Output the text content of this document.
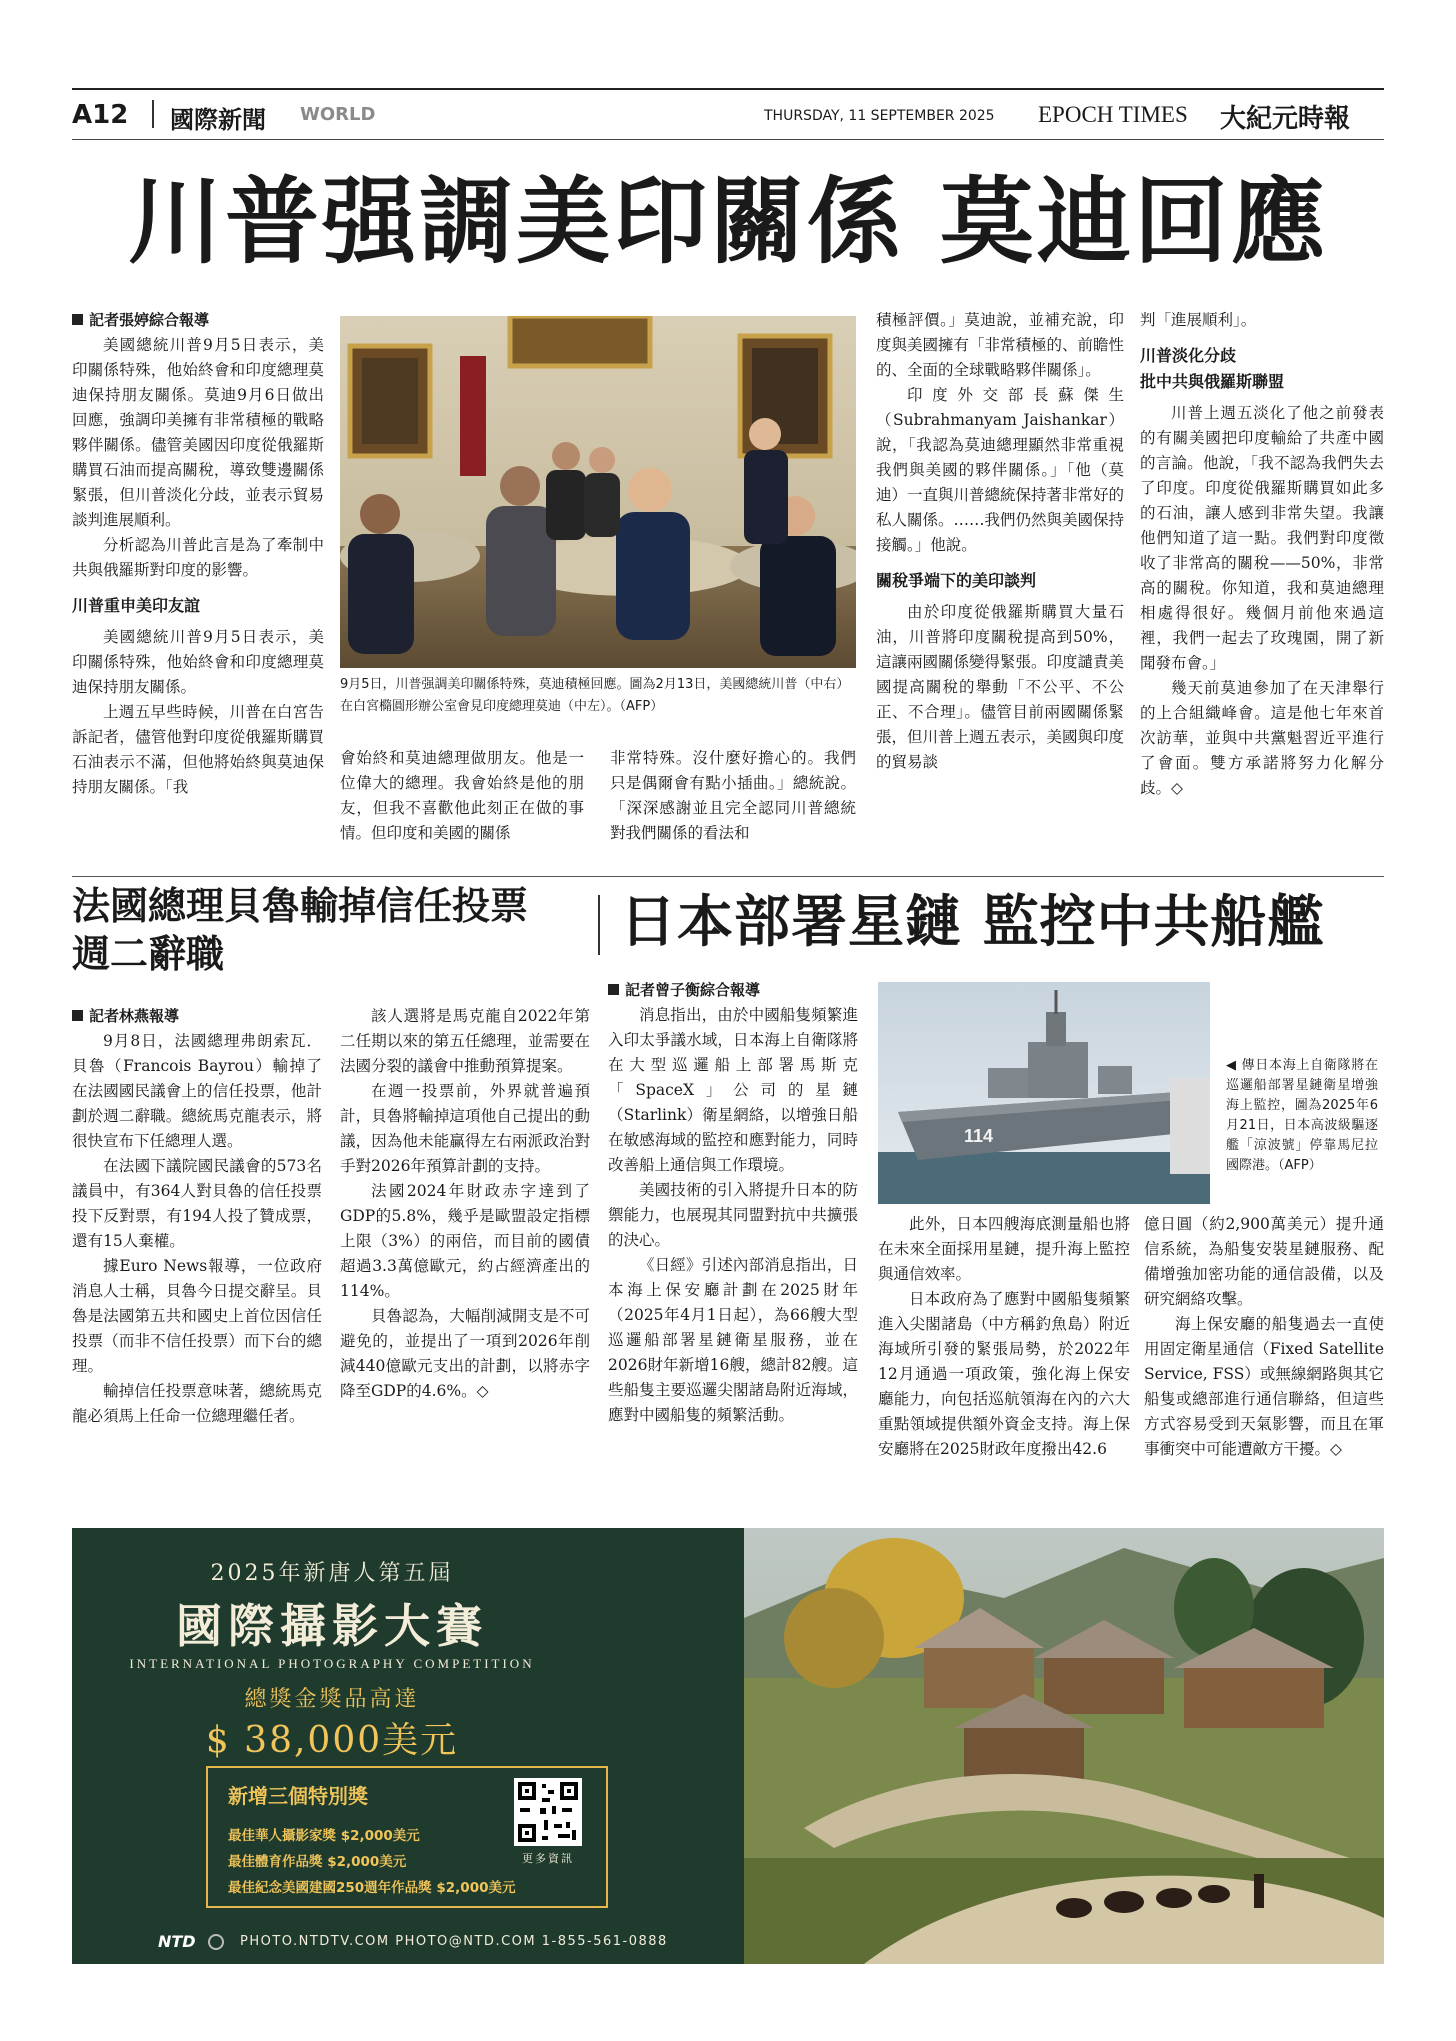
A12 國際新聞 WORLD	THURSDAY, 11 SEPTEMBER 2025 EPOCH TIMES 大紀元時報
川普强調美印關係 莫迪回應

記者張婷綜合報導

美國總統川普9月5日表示，美印關係特殊，他始終會和印度總理莫迪保持朋友關係。莫迪9月6日做出回應，強調印美擁有非常積極的戰略夥伴關係。儘管美國因印度從俄羅斯購買石油而提高關稅，導致雙邊關係緊張，但川普淡化分歧，並表示貿易談判進展順利。

分析認為川普此言是為了牽制中共與俄羅斯對印度的影響。

川普重申美印友誼

美國總統川普9月5日表示，美印關係特殊，他始終會和印度總理莫迪保持朋友關係。

上週五早些時候，川普在白宮告訴記者，儘管他對印度從俄羅斯購買石油表示不滿，但他將始終與莫迪保持朋友關係。「我

9月5日，川普强調美印關係特殊，莫迪積極回應。圖為2月13日，美國總統川普（中右）在白宮橢圓形辦公室會見印度總理莫迪（中左）。（AFP）

會始終和莫迪總理做朋友。他是一位偉大的總理。我會始終是他的朋友，但我不喜歡他此刻正在做的事情。但印度和美國的關係

非常特殊。沒什麼好擔心的。我們只是偶爾會有點小插曲。」總統說。「深深感謝並且完全認同川普總統對我們關係的看法和

積極評價。」莫迪說，並補充說，印度與美國擁有「非常積極的、前瞻性的、全面的全球戰略夥伴關係」。

印度外交部長蘇傑生（Subrahmanyam Jaishankar）說，「我認為莫迪總理顯然非常重視我們與美國的夥伴關係。」「他（莫迪）一直與川普總統保持著非常好的私人關係。……我們仍然與美國保持接觸。」他說。

關稅爭端下的美印談判

由於印度從俄羅斯購買大量石油，川普將印度關稅提高到50%，這讓兩國關係變得緊張。印度譴責美國提高關稅的舉動「不公平、不公正、不合理」。儘管目前兩國關係緊張，但川普上週五表示，美國與印度的貿易談

判「進展順利」。

川普淡化分歧

批中共與俄羅斯聯盟

川普上週五淡化了他之前發表的有關美國把印度輸給了共產中國的言論。他說，「我不認為我們失去了印度。印度從俄羅斯購買如此多的石油，讓人感到非常失望。我讓他們知道了這一點。我們對印度徵收了非常高的關稅——50%，非常高的關稅。你知道，我和莫迪總理相處得很好。幾個月前他來過這裡，我們一起去了玫瑰園，開了新聞發布會。」

幾天前莫迪參加了在天津舉行的上合組織峰會。這是他七年來首次訪華，並與中共黨魁習近平進行了會面。雙方承諾將努力化解分歧。◇

法國總理貝魯輸掉信任投票
週二辭職

記者林燕報導

9月8日，法國總理弗朗索瓦．貝魯（Francois Bayrou）輸掉了在法國國民議會上的信任投票，他計劃於週二辭職。總統馬克龍表示，將很快宣布下任總理人選。

在法國下議院國民議會的573名議員中，有364人對貝魯的信任投票投下反對票，有194人投了贊成票，還有15人棄權。

據Euro News報導，一位政府消息人士稱，貝魯今日提交辭呈。貝魯是法國第五共和國史上首位因信任投票（而非不信任投票）而下台的總理。

輸掉信任投票意味著，總統馬克龍必須馬上任命一位總理繼任者。

該人選將是馬克龍自2022年第二任期以來的第五任總理，並需要在法國分裂的議會中推動預算提案。

在週一投票前，外界就普遍預計，貝魯將輸掉這項他自己提出的動議，因為他未能贏得左右兩派政治對手對2026年預算計劃的支持。

法國2024年財政赤字達到了GDP的5.8%，幾乎是歐盟設定指標上限（3%）的兩倍，而目前的國債超過3.3萬億歐元，約占經濟產出的114%。

貝魯認為，大幅削減開支是不可避免的，並提出了一項到2026年削減440億歐元支出的計劃，以將赤字降至GDP的4.6%。◇

日本部署星鏈 監控中共船艦

記者曾子衡綜合報導

消息指出，由於中國船隻頻繁進入印太爭議水域，日本海上自衛隊將在大型巡邏船上部署馬斯克「SpaceX」公司的星鏈（Starlink）衛星網絡，以增強日船在敏感海域的監控和應對能力，同時改善船上通信與工作環境。

美國技術的引入將提升日本的防禦能力，也展現其同盟對抗中共擴張的決心。

《日經》引述內部消息指出，日本海上保安廳計劃在2025財年（2025年4月1日起），為66艘大型巡邏船部署星鏈衛星服務，並在2026財年新增16艘，總計82艘。這些船隻主要巡邏尖閣諸島附近海域，應對中國船隻的頻繁活動。

114
◀ 傳日本海上自衛隊將在巡邏船部署星鏈衛星增強海上監控，圖為2025年6月21日，日本高波級驅逐艦「涼波號」停靠馬尼拉國際港。（AFP）

此外，日本四艘海底測量船也將在未來全面採用星鏈，提升海上監控與通信效率。

日本政府為了應對中國船隻頻繁進入尖閣諸島（中方稱釣魚島）附近海域所引發的緊張局勢，於2022年12月通過一項政策，強化海上保安廳能力，向包括巡航領海在內的六大重點領域提供額外資金支持。海上保安廳將在2025財政年度撥出42.6

億日圓（約2,900萬美元）提升通信系統，為船隻安裝星鏈服務、配備增強加密功能的通信設備，以及研究網絡攻擊。

海上保安廳的船隻過去一直使用固定衛星通信（Fixed Satellite Service, FSS）或無線網路與其它船隻或總部進行通信聯絡，但這些方式容易受到天氣影響，而且在軍事衝突中可能遭敵方干擾。◇

2025年新唐人第五屆
國際攝影大賽
INTERNATIONAL PHOTOGRAPHY COMPETITION
總獎金獎品高達
$ 38,000美元
新增三個特別獎
最佳華人攝影家獎 $2,000美元
最佳體育作品獎 $2,000美元
最佳紀念美國建國250週年作品獎 $2,000美元
更多資訊
NTD	PHOTO.NTDTV.COM PHOTO@NTD.COM 1-855-561-0888
